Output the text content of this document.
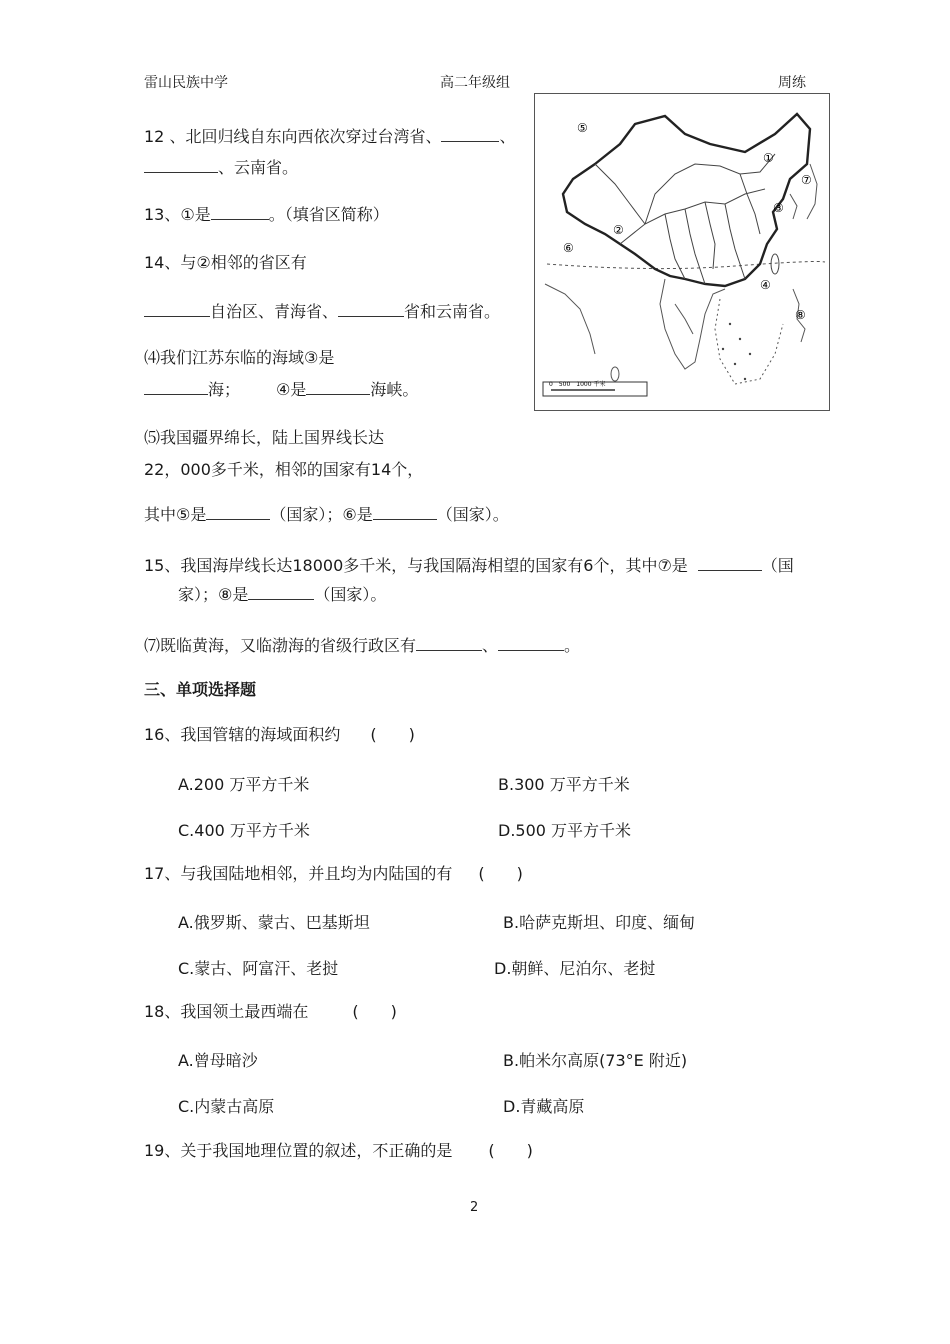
雷山民族中学	高二年级组	周练
⑤
①
⑦
③
②
⑥
④
⑧
0　500　1000 千米
12 、北回归线自东向西依次穿过台湾省、	、
、云南省。
13、①是	。（填省区简称）
14、与②相邻的省区有
自治区、青海省、	省和云南省。
⑷我们江苏东临的海域③是
海； ④是	海峡。
⑸我国疆界绵长，陆上国界线长达
22，000多千米，相邻的国家有14个，
其中⑤是	（国家）；⑥是	（国家）。
15、我国海岸线长达18000多千米，与我国隔海相望的国家有6个，其中⑦是	（国
家）；⑧是	（国家）。
⑺既临黄海，又临渤海的省级行政区有	、	。
三、单项选择题
16、我国管辖的海域面积约 (　　)
A.200 万平方千米	B.300 万平方千米
C.400 万平方千米	D.500 万平方千米
17、与我国陆地相邻，并且均为内陆国的有 (　　)
A.俄罗斯、蒙古、巴基斯坦	B.哈萨克斯坦、印度、缅甸
C.蒙古、阿富汗、老挝	D.朝鲜、尼泊尔、老挝
18、我国领土最西端在	(　　)
A.曾母暗沙	B.帕米尔高原(73°E 附近)
C.内蒙古高原	D.青藏高原
19、关于我国地理位置的叙述，不正确的是 (　　)
2
